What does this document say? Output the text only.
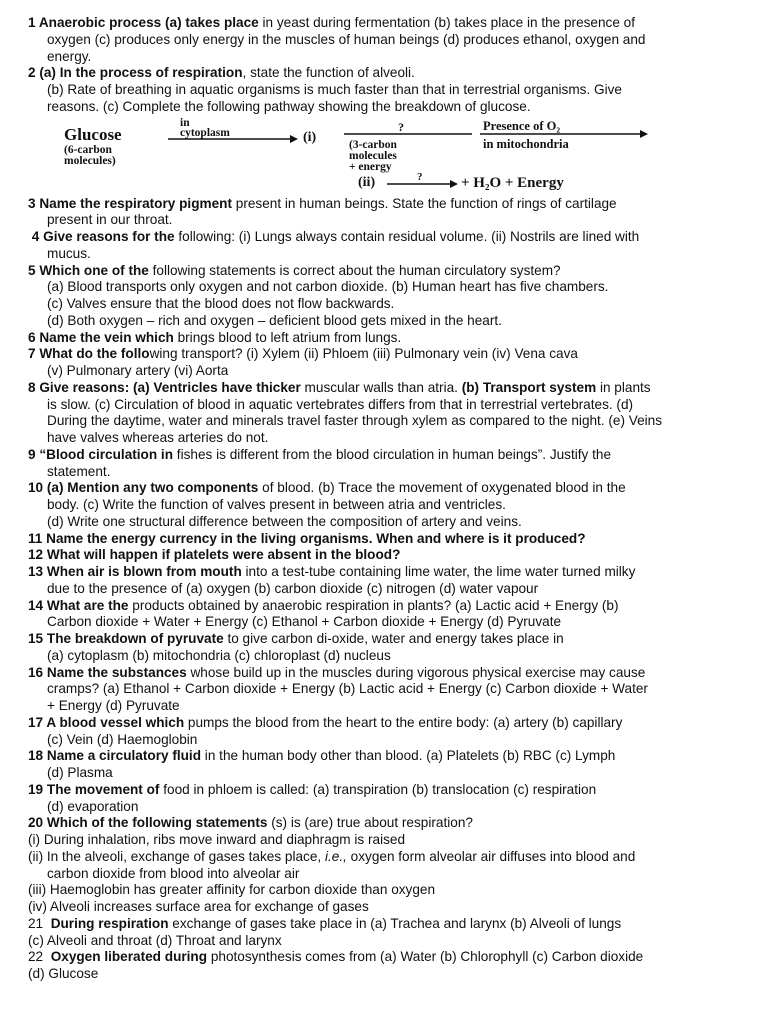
1 Anaerobic process (a) takes place in yeast during fermentation (b) takes place in the presence of
oxygen (c) produces only energy in the muscles of human beings (d) produces ethanol, oxygen and
energy.
2 (a) In the process of respiration, state the function of alveoli.
(b) Rate of breathing in aquatic organisms is much faster than that in terrestrial organisms. Give
reasons. (c) Complete the following pathway showing the breakdown of glucose.
Glucose
(6-carbon
molecules)
in
cytoplasm	(i)
?
(3-carbon
molecules
+ energy
Presence of O₂
in mitochondria
?
(ii)	+ H₂O + Energy
3 Name the respiratory pigment present in human beings. State the function of rings of cartilage
present in our throat.
4 Give reasons for the following: (i) Lungs always contain residual volume. (ii) Nostrils are lined with
mucus.
5 Which one of the following statements is correct about the human circulatory system?
(a) Blood transports only oxygen and not carbon dioxide. (b) Human heart has five chambers.
(c) Valves ensure that the blood does not flow backwards.
(d) Both oxygen – rich and oxygen – deficient blood gets mixed in the heart.
6 Name the vein which brings blood to left atrium from lungs.
7 What do the following transport? (i) Xylem (ii) Phloem (iii) Pulmonary vein (iv) Vena cava
(v) Pulmonary artery (vi) Aorta
8 Give reasons: (a) Ventricles have thicker muscular walls than atria. (b) Transport system in plants
is slow. (c) Circulation of blood in aquatic vertebrates differs from that in terrestrial vertebrates. (d)
During the daytime, water and minerals travel faster through xylem as compared to the night. (e) Veins
have valves whereas arteries do not.
9 “Blood circulation in fishes is different from the blood circulation in human beings”. Justify the
statement.
10 (a) Mention any two components of blood. (b) Trace the movement of oxygenated blood in the
body. (c) Write the function of valves present in between atria and ventricles.
(d) Write one structural difference between the composition of artery and veins.
11 Name the energy currency in the living organisms. When and where is it produced?
12 What will happen if platelets were absent in the blood?
13 When air is blown from mouth into a test-tube containing lime water, the lime water turned milky
due to the presence of (a) oxygen (b) carbon dioxide (c) nitrogen (d) water vapour
14 What are the products obtained by anaerobic respiration in plants? (a) Lactic acid + Energy (b)
Carbon dioxide + Water + Energy (c) Ethanol + Carbon dioxide + Energy (d) Pyruvate
15 The breakdown of pyruvate to give carbon di-oxide, water and energy takes place in
(a) cytoplasm (b) mitochondria (c) chloroplast (d) nucleus
16 Name the substances whose build up in the muscles during vigorous physical exercise may cause
cramps? (a) Ethanol + Carbon dioxide + Energy (b) Lactic acid + Energy (c) Carbon dioxide + Water
+ Energy (d) Pyruvate
17 A blood vessel which pumps the blood from the heart to the entire body: (a) artery (b) capillary
(c) Vein (d) Haemoglobin
18 Name a circulatory fluid in the human body other than blood. (a) Platelets (b) RBC (c) Lymph
(d) Plasma
19 The movement of food in phloem is called: (a) transpiration (b) translocation (c) respiration
(d) evaporation
20 Which of the following statements (s) is (are) true about respiration?
(i) During inhalation, ribs move inward and diaphragm is raised
(ii) In the alveoli, exchange of gases takes place, i.e., oxygen form alveolar air diffuses into blood and
carbon dioxide from blood into alveolar air
(iii) Haemoglobin has greater affinity for carbon dioxide than oxygen
(iv) Alveoli increases surface area for exchange of gases
21  During respiration exchange of gases take place in (a) Trachea and larynx (b) Alveoli of lungs
(c) Alveoli and throat (d) Throat and larynx
22  Oxygen liberated during photosynthesis comes from (a) Water (b) Chlorophyll (c) Carbon dioxide
(d) Glucose
